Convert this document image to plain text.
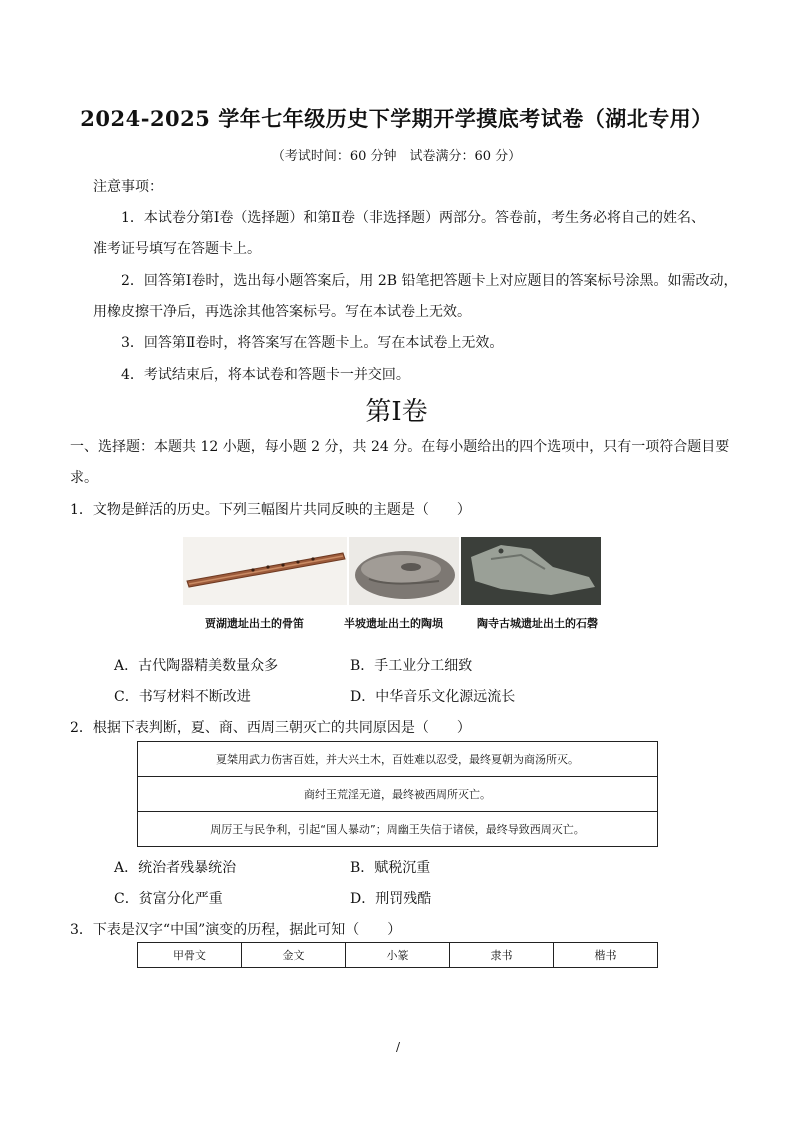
2024-2025 学年七年级历史下学期开学摸底考试卷（湖北专用）
（考试时间：60 分钟　试卷满分：60 分）
注意事项：
1．本试卷分第Ⅰ卷（选择题）和第Ⅱ卷（非选择题）两部分。答卷前，考生务必将自己的姓名、
准考证号填写在答题卡上。
2．回答第Ⅰ卷时，选出每小题答案后，用 2B 铅笔把答题卡上对应题目的答案标号涂黑。如需改动，
用橡皮擦干净后，再选涂其他答案标号。写在本试卷上无效。
3．回答第Ⅱ卷时，将答案写在答题卡上。写在本试卷上无效。
4．考试结束后，将本试卷和答题卡一并交回。
第Ⅰ卷
一、选择题：本题共 12 小题，每小题 2 分，共 24 分。在每小题给出的四个选项中，只有一项符合题目要
求。
1．文物是鲜活的历史。下列三幅图片共同反映的主题是（　　）
贾湖遗址出土的骨笛	半坡遗址出土的陶埙	陶寺古城遗址出土的石磬
A．古代陶器精美数量众多	B．手工业分工细致
C．书写材料不断改进	D．中华音乐文化源远流长
2．根据下表判断，夏、商、西周三朝灭亡的共同原因是（　　）
夏桀用武力伤害百姓，并大兴土木，百姓难以忍受，最终夏朝为商汤所灭。
商纣王荒淫无道，最终被西周所灭亡。
周厉王与民争利，引起“国人暴动”；周幽王失信于诸侯，最终导致西周灭亡。
A．统治者残暴统治	B．赋税沉重
C．贫富分化严重	D．刑罚残酷
3．下表是汉字“中国”演变的历程，据此可知（　　）
甲骨文	金文	小篆	隶书	楷书
/
